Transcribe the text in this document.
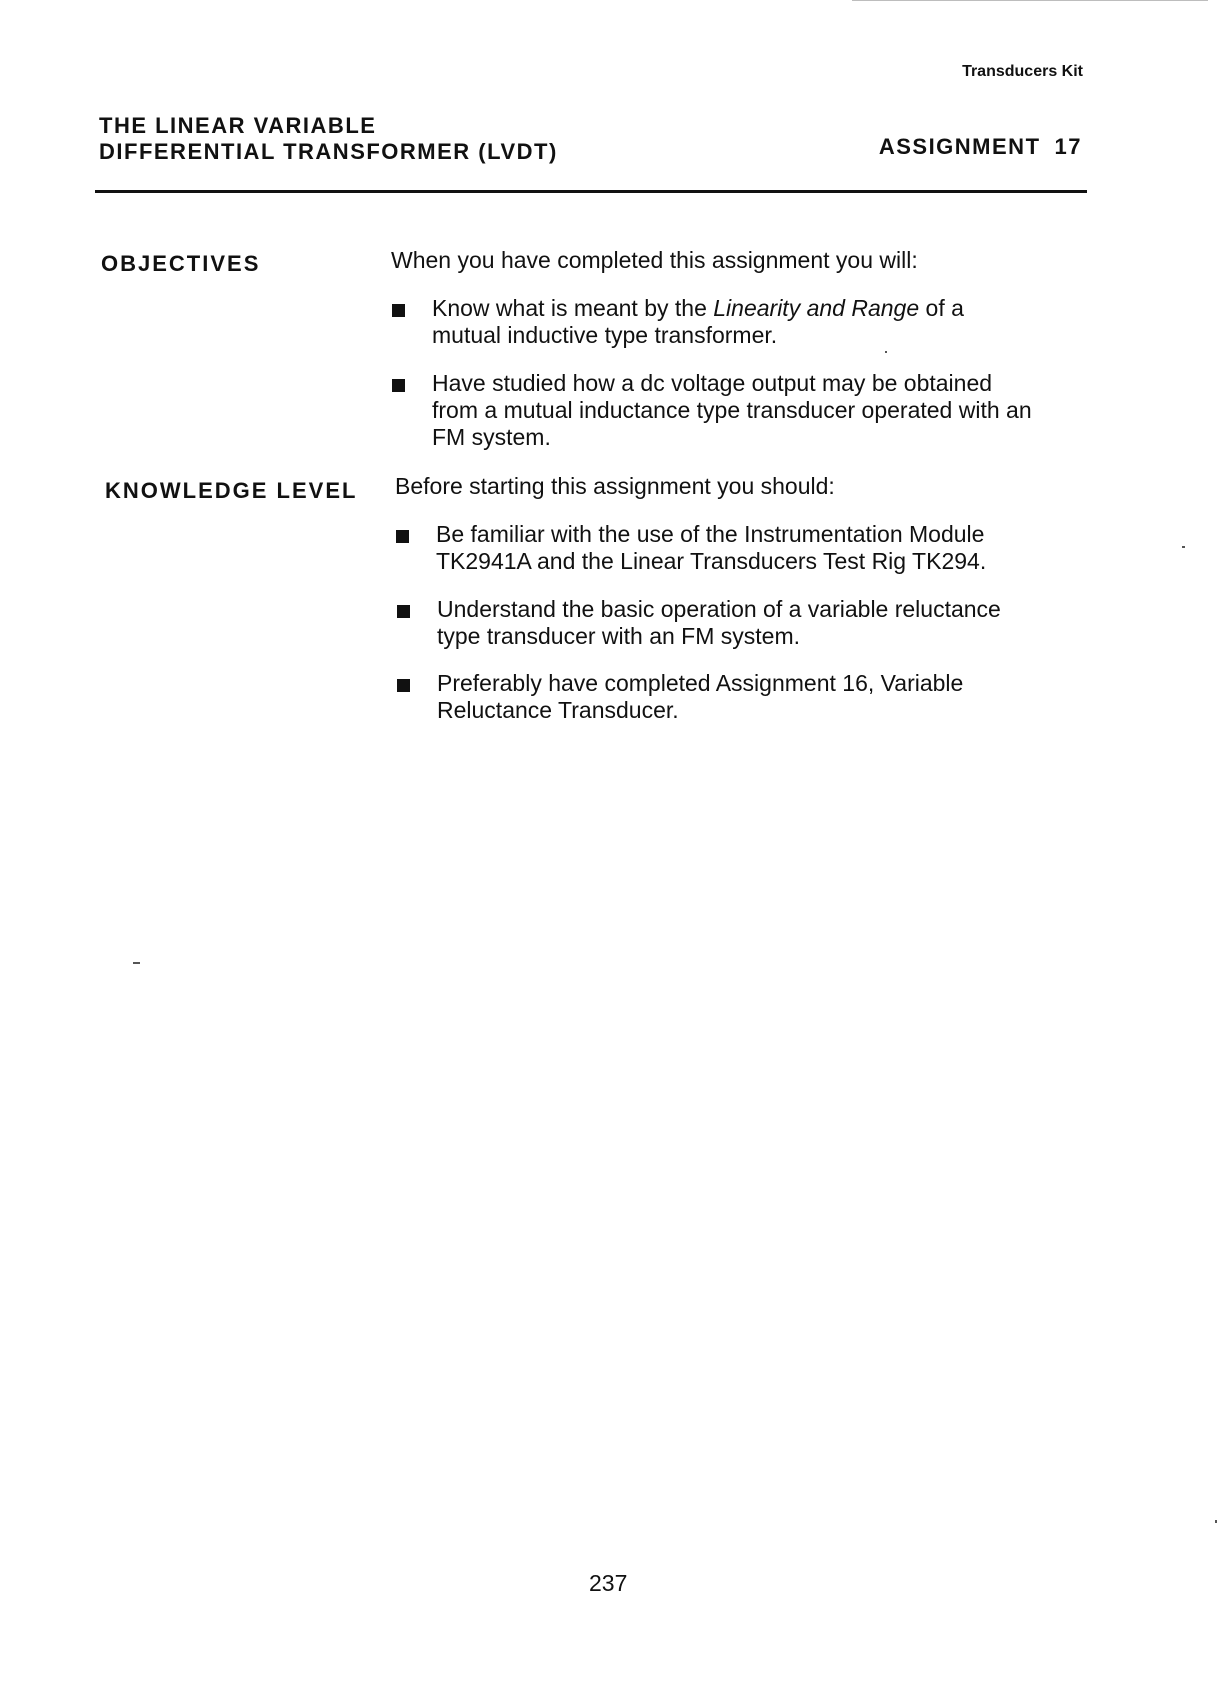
Transducers Kit
THE LINEAR VARIABLE
DIFFERENTIAL TRANSFORMER (LVDT)	ASSIGNMENT 17
OBJECTIVES	When you have completed this assignment you will:
Know what is meant by the Linearity and Range of a
mutual inductive type transformer.
Have studied how a dc voltage output may be obtained
from a mutual inductance type transducer operated with an
FM system.
KNOWLEDGE LEVEL Before starting this assignment you should:
Be familiar with the use of the Instrumentation Module
TK2941A and the Linear Transducers Test Rig TK294.
Understand the basic operation of a variable reluctance
type transducer with an FM system.
Preferably have completed Assignment 16, Variable
Reluctance Transducer.
237
